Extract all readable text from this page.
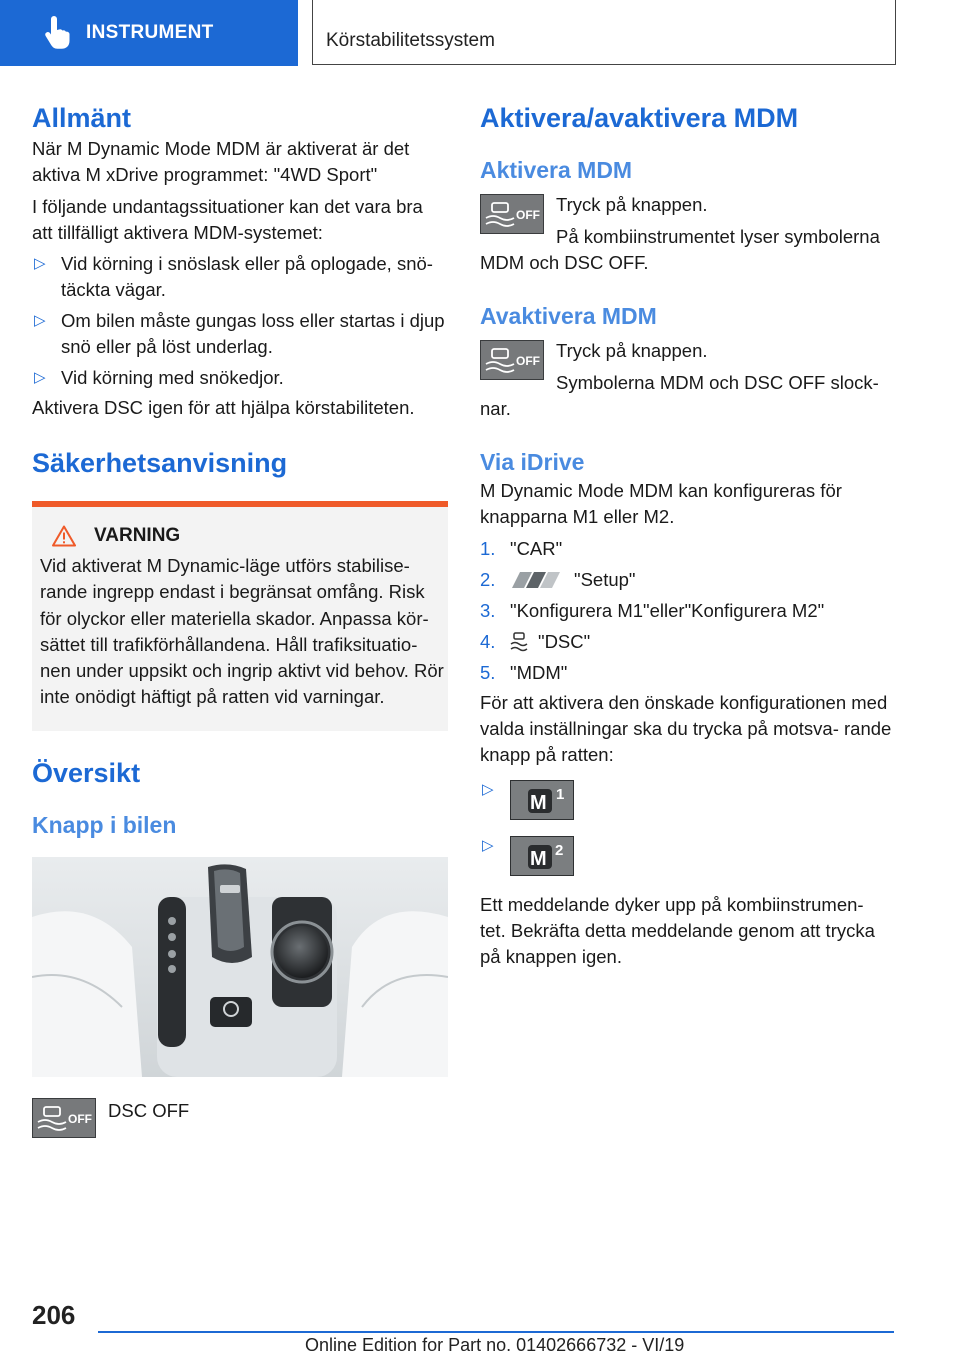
INSTRUMENT	Körstabilitetssystem
Allmänt

När M Dynamic Mode MDM är aktiverat är det aktiva M xDrive programmet: "4WD Sport"

I följande undantagssituationer kan det vara bra att tillfälligt aktivera MDM-systemet:

▷ Vid körning i snöslask eller på oplogade, snö- täckta vägar.
▷ Om bilen måste gungas loss eller startas i djup snö eller på löst underlag.
▷ Vid körning med snökedjor.

Aktivera DSC igen för att hjälpa körstabiliteten.

Säkerhetsanvisning
VARNING

Vid aktiverat M Dynamic-läge utförs stabilise- rande ingrepp endast i begränsat omfång. Risk för olyckor eller materiella skador. Anpassa kör- sättet till trafikförhållandena. Håll trafiksituatio- nen under uppsikt och ingrip aktivt vid behov. Rör inte onödigt häftigt på ratten vid varningar.

Översikt
Knapp i bilen
OFF DSC OFF

Aktivera/avaktivera MDM
Aktivera MDM
OFF Tryck på knappen.

På kombiinstrumentet lyser symbolerna MDM och DSC OFF.

Avaktivera MDM
OFF Tryck på knappen.

Symbolerna MDM och DSC OFF slock- nar.

Via iDrive

M Dynamic Mode MDM kan konfigureras för knapparna M1 eller M2.

1. "CAR"
2.	"Setup"
3. "Konfigurera M1"eller"Konfigurera M2"
4. "DSC"
5. "MDM"

För att aktivera den önskade konfigurationen med valda inställningar ska du trycka på motsva- rande knapp på ratten:

▷
M 1
▷
M 2

Ett meddelande dyker upp på kombiinstrumen- tet. Bekräfta detta meddelande genom att trycka på knappen igen.

206
Online Edition for Part no. 01402666732 - VI/19
